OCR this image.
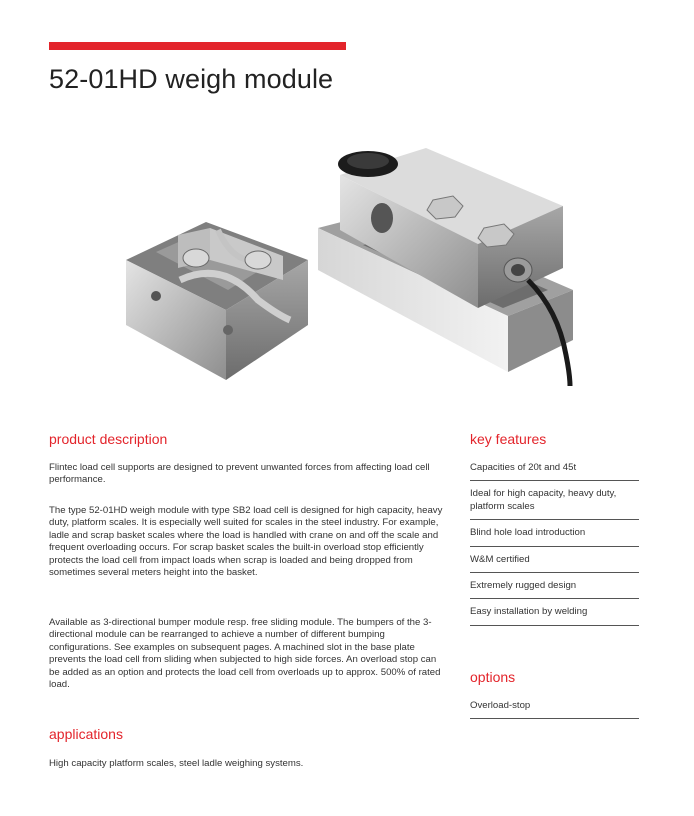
52-01HD weigh module
product description

Flintec load cell supports are designed to prevent unwanted forces from affecting load cell performance.

The type 52-01HD weigh module with type SB2 load cell is designed for high capacity, heavy duty, platform scales. It is especially well suited for scales in the steel industry. For example, ladle and scrap basket scales where the load is handled with crane on and off the scale and frequent overloading occurs. For scrap basket scales the built-in overload stop efficiently protects the load cell from impact loads when scrap is loaded and being dropped from sometimes several meters height into the basket.

Available as 3-directional bumper module resp. free sliding module. The bumpers of the 3-directional module can be rearranged to achieve a number of different bumping configurations. See examples on subsequent pages. A machined slot in the base plate prevents the load cell from sliding when subjected to high side forces. An overload stop can be added as an option and protects the load cell from overloads up to approx. 500% of rated load.

applications

High capacity platform scales, steel ladle weighing systems.

key features
Capacities of 20t and 45t
Ideal for high capacity, heavy duty, platform scales
Blind hole load introduction
W&M certified
Extremely rugged design
Easy installation by welding
options
Overload-stop
